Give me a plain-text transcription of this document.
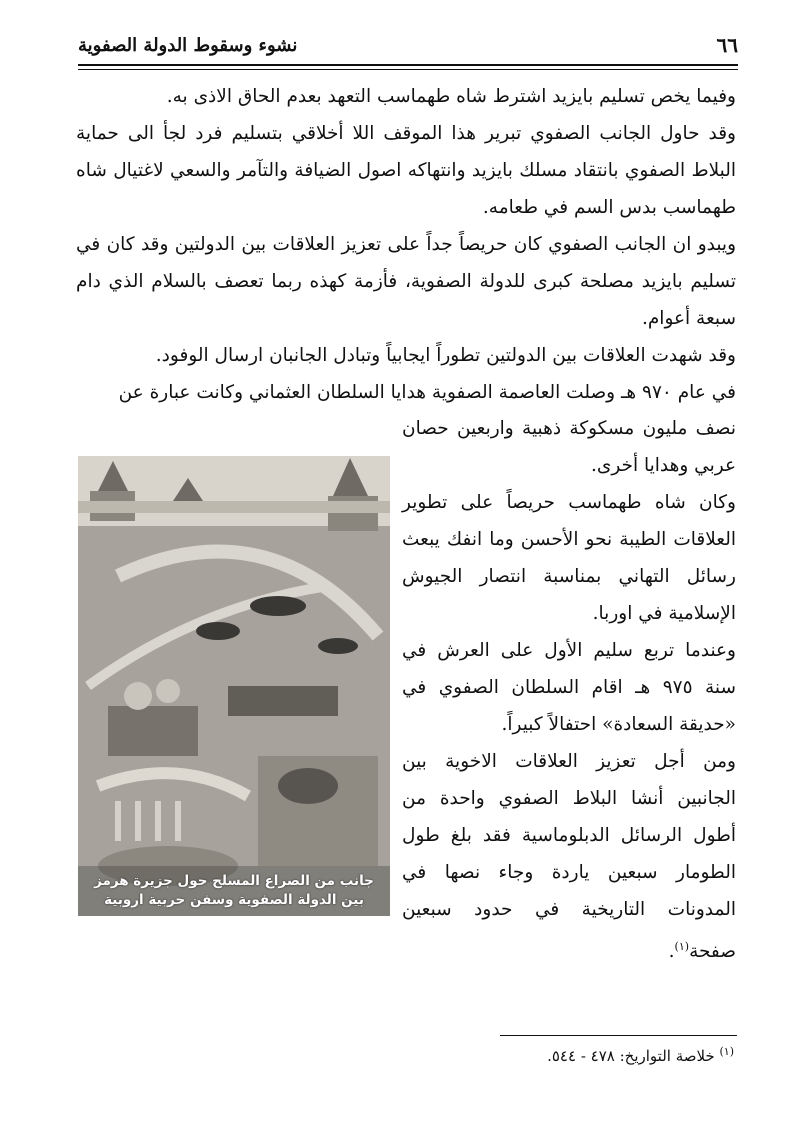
٦٦
نشوء وسقوط الدولة الصفوية

وفيما يخص تسليم بايزيد اشترط شاه طهماسب التعهد بعدم الحاق الاذى به.

وقد حاول الجانب الصفوي تبرير هذا الموقف اللا أخلاقي بتسليم فرد لجأ الى حماية البلاط الصفوي بانتقاد مسلك بايزيد وانتهاكه اصول الضيافة والتآمر والسعي لاغتيال شاه طهماسب بدس السم في طعامه.

ويبدو ان الجانب الصفوي كان حريصاً جداً على تعزيز العلاقات بين الدولتين وقد كان في تسليم بايزيد مصلحة كبرى للدولة الصفوية، فأزمة كهذه ربما تعصف بالسلام الذي دام سبعة أعوام.

وقد شهدت العلاقات بين الدولتين تطوراً ايجابياً وتبادل الجانبان ارسال الوفود.

في عام ٩٧٠ هـ وصلت العاصمة الصفوية هدايا السلطان العثماني وكانت عبارة عن

نصف مليون مسكوكة ذهبية واربعين حصان عربي وهدايا أخرى.

وكان شاه طهماسب حريصاً على تطوير العلاقات الطيبة نحو الأحسن وما انفك يبعث رسائل التهاني بمناسبة انتصار الجيوش الإسلامية في اوربا.

وعندما تربع سليم الأول على العرش في سنة ٩٧٥ هـ اقام السلطان الصفوي في «حديقة السعادة» احتفالاً كبيراً.

ومن أجل تعزيز العلاقات الاخوية بين الجانبين أنشا البلاط الصفوي واحدة من أطول الرسائل الدبلوماسية فقد بلغ طول الطومار سبعين ياردة وجاء نصها في المدونات التاريخية في حدود سبعين صفحة$^{(١)}$.

جانب من الصراع المسلح حول جزيرة هرمز بين الدولة الصفوية وسفن حربية اروبية
$^{(١)}$ خلاصة التواريخ: ٤٧٨ - ٥٤٤.
